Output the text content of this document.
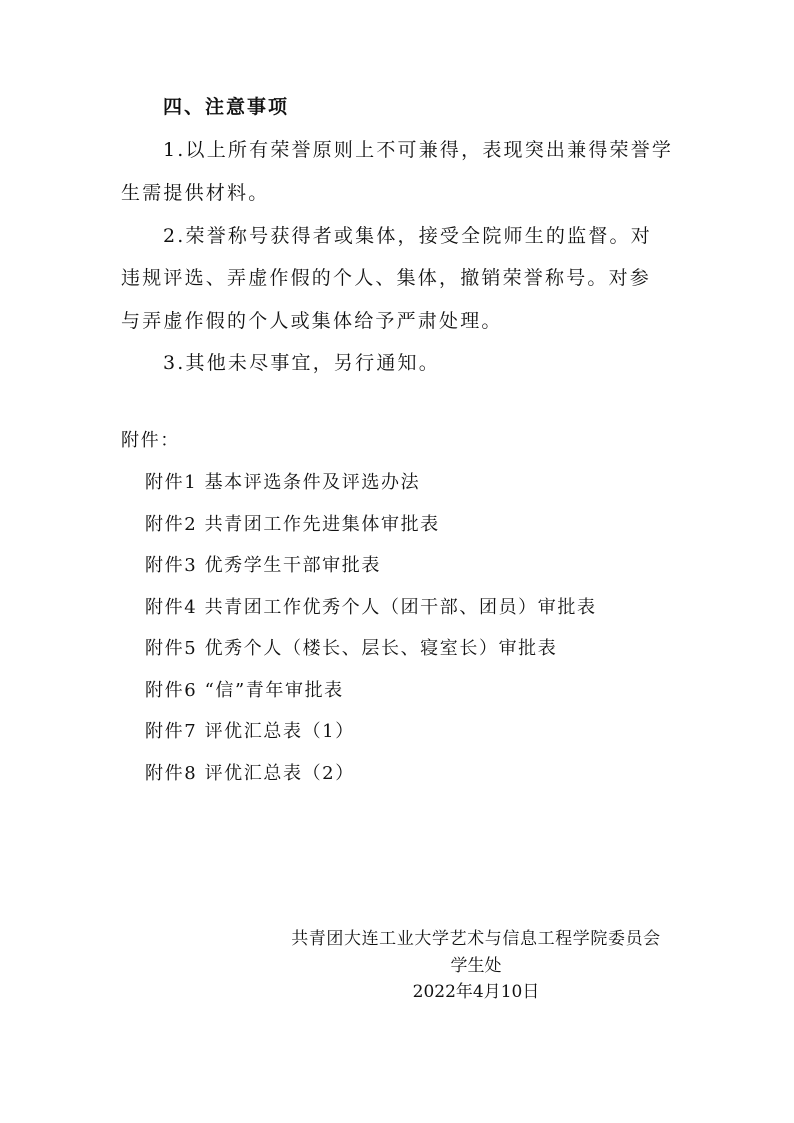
四、注意事项
1.以上所有荣誉原则上不可兼得，表现突出兼得荣誉学
生需提供材料。
2.荣誉称号获得者或集体，接受全院师生的监督。对
违规评选、弄虚作假的个人、集体，撤销荣誉称号。对参
与弄虚作假的个人或集体给予严肃处理。
3.其他未尽事宜，另行通知。
附件：
附件1 基本评选条件及评选办法
附件2 共青团工作先进集体审批表
附件3 优秀学生干部审批表
附件4 共青团工作优秀个人（团干部、团员）审批表
附件5 优秀个人（楼长、层长、寝室长）审批表
附件6 “信”青年审批表
附件7 评优汇总表（1）
附件8 评优汇总表（2）
共青团大连工业大学艺术与信息工程学院委员会
学生处
2022年4月10日
